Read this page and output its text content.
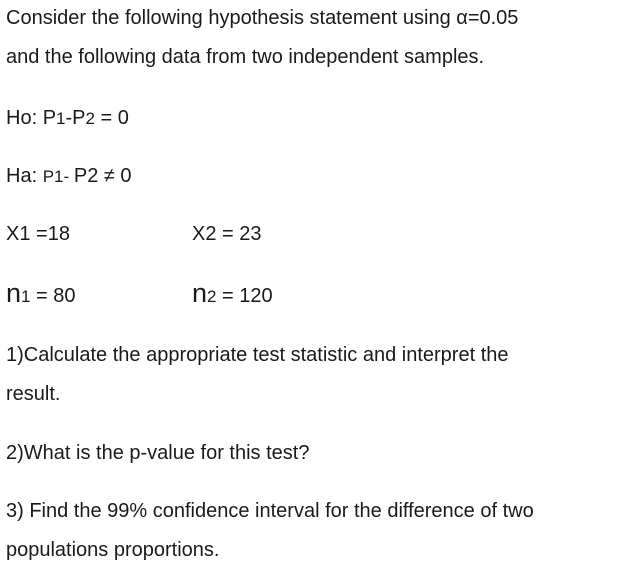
Consider the following hypothesis statement using α=0.05

and the following data from two independent samples.

Ho: P1-P2 = 0

Ha: P1- P2 ≠ 0

X1 =18	X2 = 23
n1 = 80	n2 = 120

1)Calculate the appropriate test statistic and interpret the

result.

2)What is the p-value for this test?

3) Find the 99% confidence interval for the difference of two

populations proportions.
